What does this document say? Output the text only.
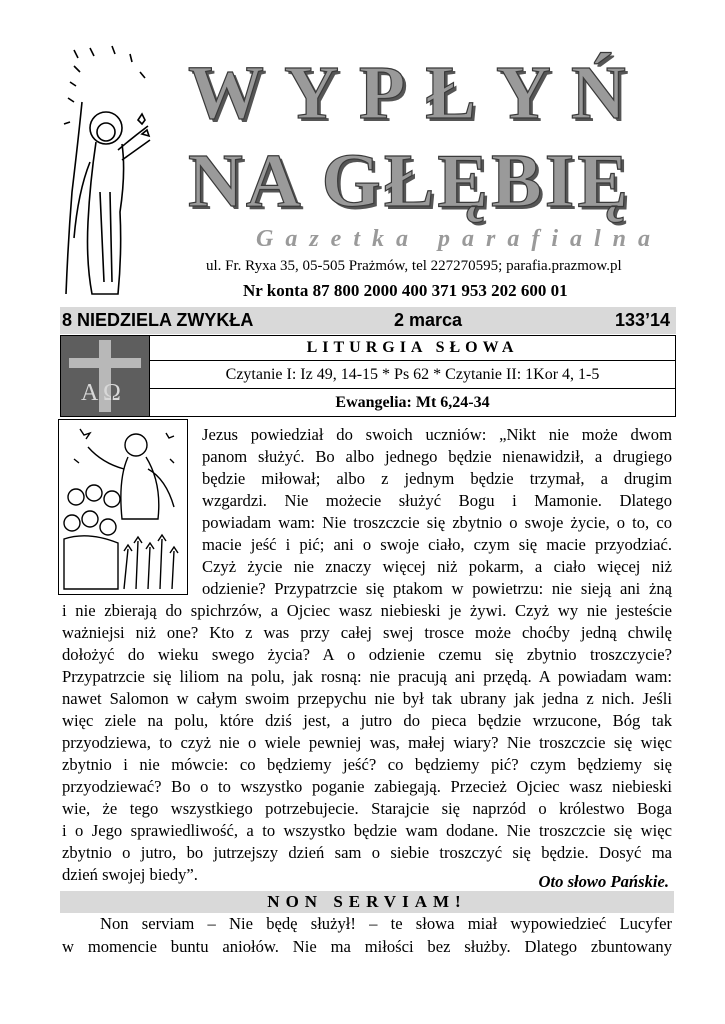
WYPŁYŃ
NA GŁĘBIĘ
Gazetka parafialna
ul. Fr. Ryxa 35, 05-505 Prażmów, tel 227270595; parafia.prazmow.pl
Nr konta 87 800 2000 400 371 953 202 600 01
8 NIEDZIELA ZWYKŁA	2 marca	133’14
A Ω
LITURGIA SŁOWA
Czytanie I: Iz 49, 14-15 * Ps 62 * Czytanie II: 1Kor 4, 1-5
Ewangelia: Mt 6,24-34
Jezus powiedział do swoich uczniów: „Nikt nie może dwom
panom służyć. Bo albo jednego będzie nienawidził, a drugiego
będzie miłował; albo z jednym będzie trzymał, a drugim
wzgardzi. Nie możecie służyć Bogu i Mamonie. Dlatego
powiadam wam: Nie troszczcie się zbytnio o swoje życie, o to, co
macie jeść i pić; ani o swoje ciało, czym się macie przyodziać.
Czyż życie nie znaczy więcej niż pokarm, a ciało więcej niż
odzienie? Przypatrzcie się ptakom w powietrzu: nie sieją ani żną
i nie zbierają do spichrzów, a Ojciec wasz niebieski je żywi. Czyż wy nie jesteście
ważniejsi niż one? Kto z was przy całej swej trosce może choćby jedną chwilę
dołożyć do wieku swego życia? A o odzienie czemu się zbytnio troszczycie?
Przypatrzcie się liliom na polu, jak rosną: nie pracują ani przędą. A powiadam wam:
nawet Salomon w całym swoim przepychu nie był tak ubrany jak jedna z nich. Jeśli
więc ziele na polu, które dziś jest, a jutro do pieca będzie wrzucone, Bóg tak
przyodziewa, to czyż nie o wiele pewniej was, małej wiary? Nie troszczcie się więc
zbytnio i nie mówcie: co będziemy jeść? co będziemy pić? czym będziemy się
przyodziewać? Bo o to wszystko poganie zabiegają. Przecież Ojciec wasz niebieski
wie, że tego wszystkiego potrzebujecie. Starajcie się naprzód o królestwo Boga
i o Jego sprawiedliwość, a to wszystko będzie wam dodane. Nie troszczcie się więc
zbytnio o jutro, bo jutrzejszy dzień sam o siebie troszczyć się będzie. Dosyć ma
dzień swojej biedy”.	Oto słowo Pańskie.
NON SERVIAM!
Non serviam – Nie będę służył! – te słowa miał wypowiedzieć Lucyfer
w momencie buntu aniołów. Nie ma miłości bez służby. Dlatego zbuntowany
